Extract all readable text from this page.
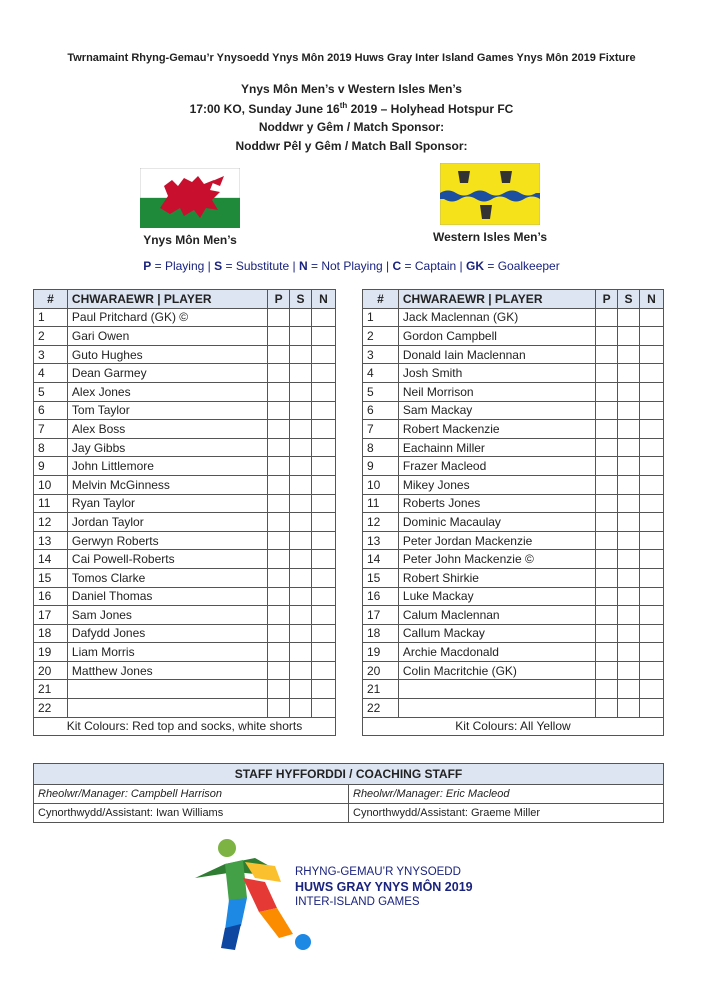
Twrnamaint Rhyng-Gemau’r Ynysoedd Ynys Môn 2019 Huws Gray Inter Island Games Ynys Môn 2019 Fixture
Ynys Môn Men’s v Western Isles Men’s
17:00 KO, Sunday June 16th 2019 – Holyhead Hotspur FC
Noddwr y Gêm / Match Sponsor:
Noddwr Pêl y Gêm / Match Ball Sponsor:
Ynys Môn Men’s	Western Isles Men’s
P = Playing | S = Substitute | N = Not Playing | C = Captain | GK = Goalkeeper
#	CHWARAEWR | PLAYER	P	S	N
1	Paul Pritchard (GK) ©			
2	Gari Owen			
3	Guto Hughes			
4	Dean Garmey			
5	Alex Jones			
6	Tom Taylor			
7	Alex Boss			
8	Jay Gibbs			
9	John Littlemore			
10	Melvin McGinness			
11	Ryan Taylor			
12	Jordan Taylor			
13	Gerwyn Roberts			
14	Cai Powell-Roberts			
15	Tomos Clarke			
16	Daniel Thomas			
17	Sam Jones			
18	Dafydd Jones			
19	Liam Morris			
20	Matthew Jones			
21				
22				
Kit Colours: Red top and socks, white shorts				
#	CHWARAEWR | PLAYER	P	S	N
1	Jack Maclennan (GK)			
2	Gordon Campbell			
3	Donald Iain Maclennan			
4	Josh Smith			
5	Neil Morrison			
6	Sam Mackay			
7	Robert Mackenzie			
8	Eachainn Miller			
9	Frazer Macleod			
10	Mikey Jones			
11	Roberts Jones			
12	Dominic Macaulay			
13	Peter Jordan Mackenzie			
14	Peter John Mackenzie ©			
15	Robert Shirkie			
16	Luke Mackay			
17	Calum Maclennan			
18	Callum Mackay			
19	Archie Macdonald			
20	Colin Macritchie (GK)			
21				
22				
Kit Colours: All Yellow				
STAFF HYFFORDDI / COACHING STAFF	
Rheolwr/Manager: Campbell Harrison	Rheolwr/Manager: Eric Macleod
Cynorthwydd/Assistant: Iwan Williams	Cynorthwydd/Assistant: Graeme Miller
RHYNG-GEMAU’R YNYSOEDD
HUWS GRAY YNYS MÔN 2019
INTER-ISLAND GAMES
